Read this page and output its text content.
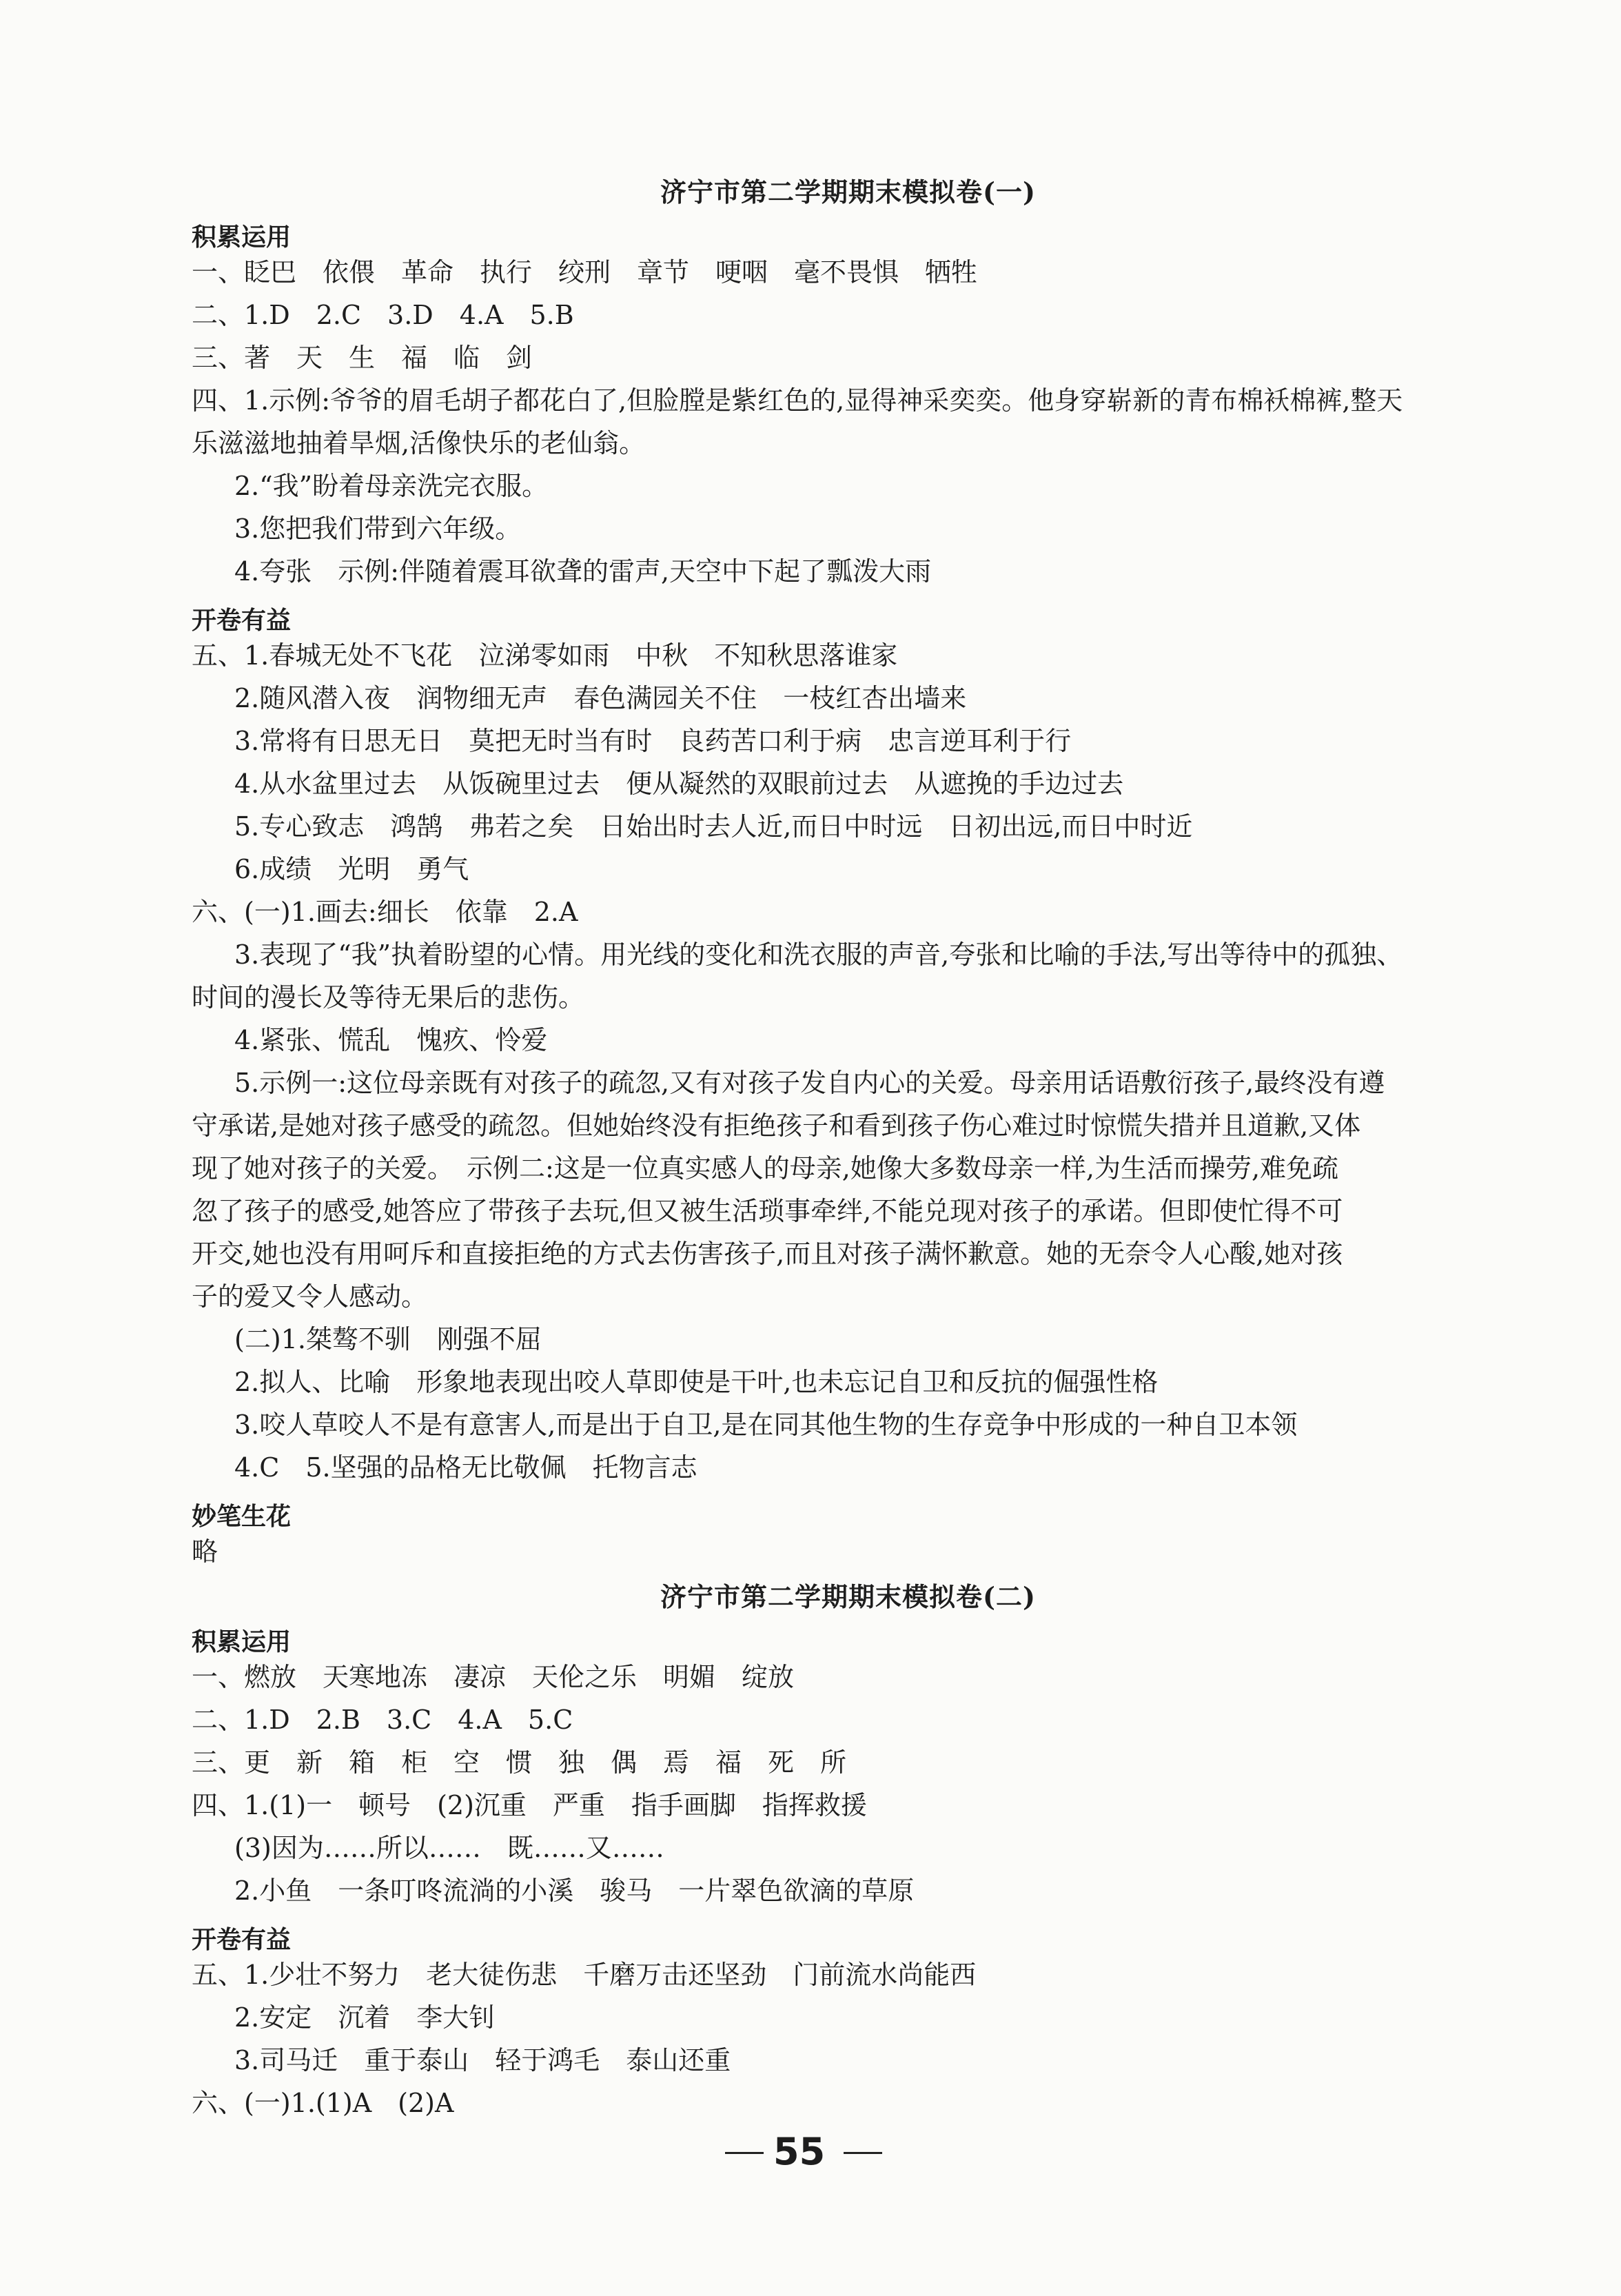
济宁市第二学期期末模拟卷(一)
积累运用
一、眨巴　依偎　革命　执行　绞刑　章节　哽咽　毫不畏惧　牺牲
二、1.D　2.C　3.D　4.A　5.B
三、著　天　生　福　临　剑
四、1.示例:爷爷的眉毛胡子都花白了,但脸膛是紫红色的,显得神采奕奕。他身穿崭新的青布棉袄棉裤,整天
乐滋滋地抽着旱烟,活像快乐的老仙翁。
2.“我”盼着母亲洗完衣服。
3.您把我们带到六年级。
4.夸张　示例:伴随着震耳欲聋的雷声,天空中下起了瓢泼大雨
开卷有益
五、1.春城无处不飞花　泣涕零如雨　中秋　不知秋思落谁家
2.随风潜入夜　润物细无声　春色满园关不住　一枝红杏出墙来
3.常将有日思无日　莫把无时当有时　良药苦口利于病　忠言逆耳利于行
4.从水盆里过去　从饭碗里过去　便从凝然的双眼前过去　从遮挽的手边过去
5.专心致志　鸿鹄　弗若之矣　日始出时去人近,而日中时远　日初出远,而日中时近
6.成绩　光明　勇气
六、(一)1.画去:细长　依靠　2.A
3.表现了“我”执着盼望的心情。用光线的变化和洗衣服的声音,夸张和比喻的手法,写出等待中的孤独、
时间的漫长及等待无果后的悲伤。
4.紧张、慌乱　愧疚、怜爱
5.示例一:这位母亲既有对孩子的疏忽,又有对孩子发自内心的关爱。母亲用话语敷衍孩子,最终没有遵
守承诺,是她对孩子感受的疏忽。但她始终没有拒绝孩子和看到孩子伤心难过时惊慌失措并且道歉,又体
现了她对孩子的关爱。　示例二:这是一位真实感人的母亲,她像大多数母亲一样,为生活而操劳,难免疏
忽了孩子的感受,她答应了带孩子去玩,但又被生活琐事牵绊,不能兑现对孩子的承诺。但即使忙得不可
开交,她也没有用呵斥和直接拒绝的方式去伤害孩子,而且对孩子满怀歉意。她的无奈令人心酸,她对孩
子的爱又令人感动。
(二)1.桀骜不驯　刚强不屈
2.拟人、比喻　形象地表现出咬人草即使是干叶,也未忘记自卫和反抗的倔强性格
3.咬人草咬人不是有意害人,而是出于自卫,是在同其他生物的生存竞争中形成的一种自卫本领
4.C　5.坚强的品格无比敬佩　托物言志
妙笔生花
略
济宁市第二学期期末模拟卷(二)
积累运用
一、燃放　天寒地冻　凄凉　天伦之乐　明媚　绽放
二、1.D　2.B　3.C　4.A　5.C
三、更　新　箱　柜　空　惯　独　偶　焉　福　死　所
四、1.(1)一　顿号　(2)沉重　严重　指手画脚　指挥救援
(3)因为……所以……　既……又……
2.小鱼　一条叮咚流淌的小溪　骏马　一片翠色欲滴的草原
开卷有益
五、1.少壮不努力　老大徒伤悲　千磨万击还坚劲　门前流水尚能西
2.安定　沉着　李大钊
3.司马迁　重于泰山　轻于鸿毛　泰山还重
六、(一)1.(1)A　(2)A
55
